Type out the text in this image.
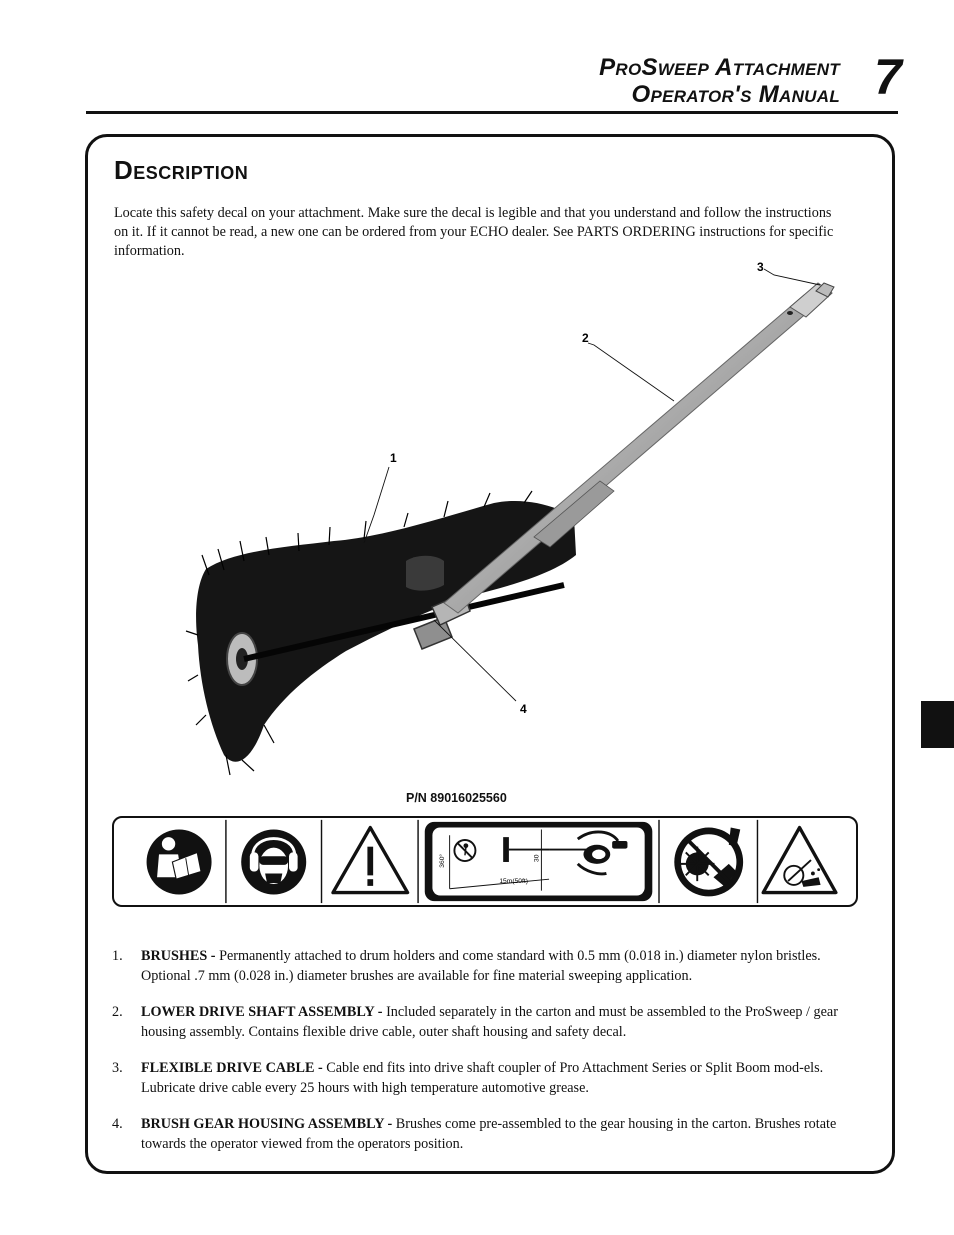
ProSweep Attachment
Operator's Manual 7
Description
Locate this safety decal on your attachment. Make sure the decal is legible and that you understand and follow the instructions on it. If it cannot be read, a new one can be ordered from your ECHO dealer. See PARTS ORDERING instructions for specific information.
1
2
3
4
P/N 89016025560
360°
15m(50ft)
30
1. BRUSHES - Permanently attached to drum holders and come standard with 0.5 mm (0.018 in.) diameter nylon bristles. Optional .7 mm (0.028 in.) diameter brushes are available for fine material sweeping application.
2. LOWER DRIVE SHAFT ASSEMBLY - Included separately in the carton and must be assembled to the ProSweep / gear housing assembly. Contains flexible drive cable, outer shaft housing and safety decal.
3. FLEXIBLE DRIVE CABLE - Cable end fits into drive shaft coupler of Pro Attachment Series or Split Boom mod-els. Lubricate drive cable every 25 hours with high temperature automotive grease.
4. BRUSH GEAR HOUSING ASSEMBLY - Brushes come pre-assembled to the gear housing in the carton. Brushes rotate towards the operator viewed from the operators position.
